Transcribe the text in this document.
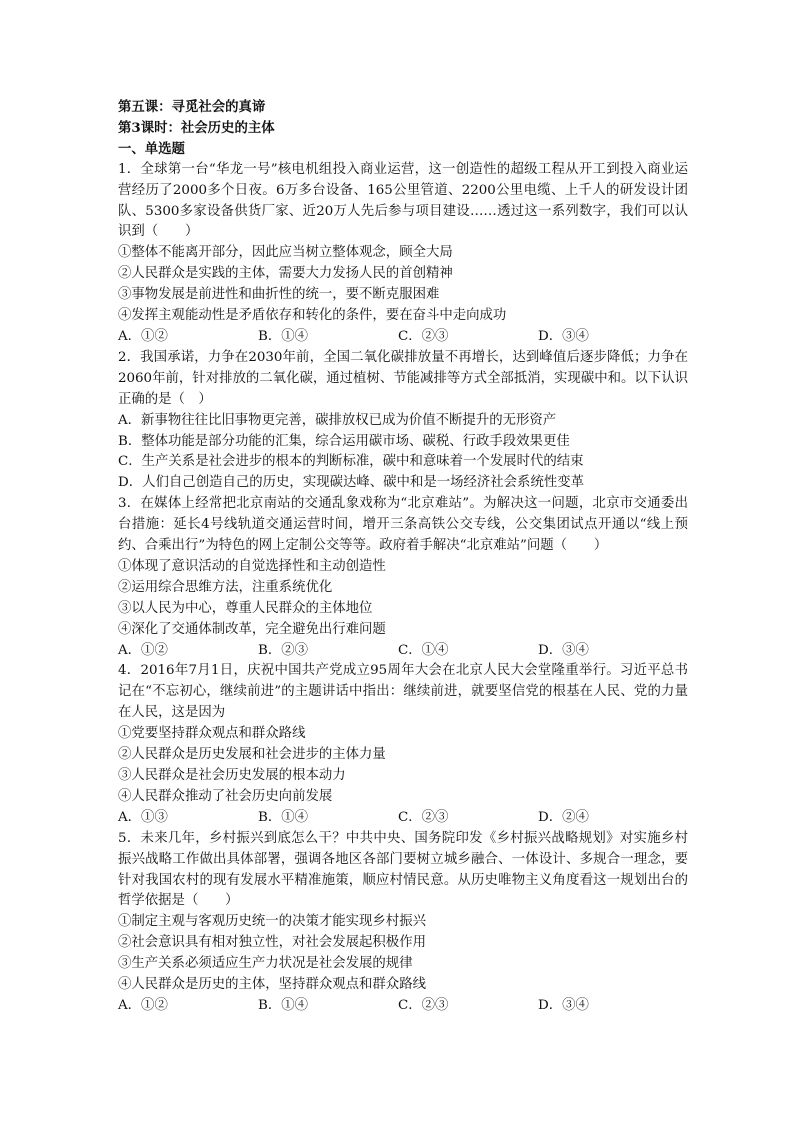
第五课：寻觅社会的真谛
第3课时：社会历史的主体
一、单选题
1．全球第一台“华龙一号”核电机组投入商业运营，这一创造性的超级工程从开工到投入商业运营经历了2000多个日夜。6万多台设备、165公里管道、2200公里电缆、上千人的研发设计团队、5300多家设备供货厂家、近20万人先后参与项目建设……透过这一系列数字，我们可以认识到（　　）
①整体不能离开部分，因此应当树立整体观念，顾全大局
②人民群众是实践的主体，需要大力发扬人民的首创精神
③事物发展是前进性和曲折性的统一，要不断克服困难
④发挥主观能动性是矛盾依存和转化的条件，要在奋斗中走向成功
A．①②	B．①④	C．②③	D．③④
2．我国承诺，力争在2030年前，全国二氧化碳排放量不再增长，达到峰值后逐步降低；力争在2060年前，针对排放的二氧化碳，通过植树、节能减排等方式全部抵消，实现碳中和。以下认识正确的是（　）
A．新事物往往比旧事物更完善，碳排放权已成为价值不断提升的无形资产
B．整体功能是部分功能的汇集，综合运用碳市场、碳税、行政手段效果更佳
C．生产关系是社会进步的根本的判断标准，碳中和意味着一个发展时代的结束
D．人们自己创造自己的历史，实现碳达峰、碳中和是一场经济社会系统性变革
3．在媒体上经常把北京南站的交通乱象戏称为“北京难站”。为解决这一问题，北京市交通委出台措施：延长4号线轨道交通运营时间，增开三条高铁公交专线，公交集团试点开通以“线上预约、合乘出行”为特色的网上定制公交等等。政府着手解决“北京难站”问题（　　）
①体现了意识活动的自觉选择性和主动创造性
②运用综合思维方法，注重系统优化
③以人民为中心，尊重人民群众的主体地位
④深化了交通体制改革，完全避免出行难问题
A．①②	B．②③	C．①④	D．③④
4．2016年7月1日，庆祝中国共产党成立95周年大会在北京人民大会堂隆重举行。习近平总书记在“不忘初心，继续前进”的主题讲话中指出：继续前进，就要坚信党的根基在人民、党的力量在人民，这是因为
①党要坚持群众观点和群众路线
②人民群众是历史发展和社会进步的主体力量
③人民群众是社会历史发展的根本动力
④人民群众推动了社会历史向前发展
A．①③	B．①④	C．②③	D．②④
5．未来几年，乡村振兴到底怎么干？中共中央、国务院印发《乡村振兴战略规划》对实施乡村振兴战略工作做出具体部署，强调各地区各部门要树立城乡融合、一体设计、多规合一理念，要针对我国农村的现有发展水平精准施策，顺应村情民意。从历史唯物主义角度看这一规划出台的哲学依据是（　　）
①制定主观与客观历史统一的决策才能实现乡村振兴
②社会意识具有相对独立性，对社会发展起积极作用
③生产关系必须适应生产力状况是社会发展的规律
④人民群众是历史的主体，坚持群众观点和群众路线
A．①②	B．①④	C．②③	D．③④
